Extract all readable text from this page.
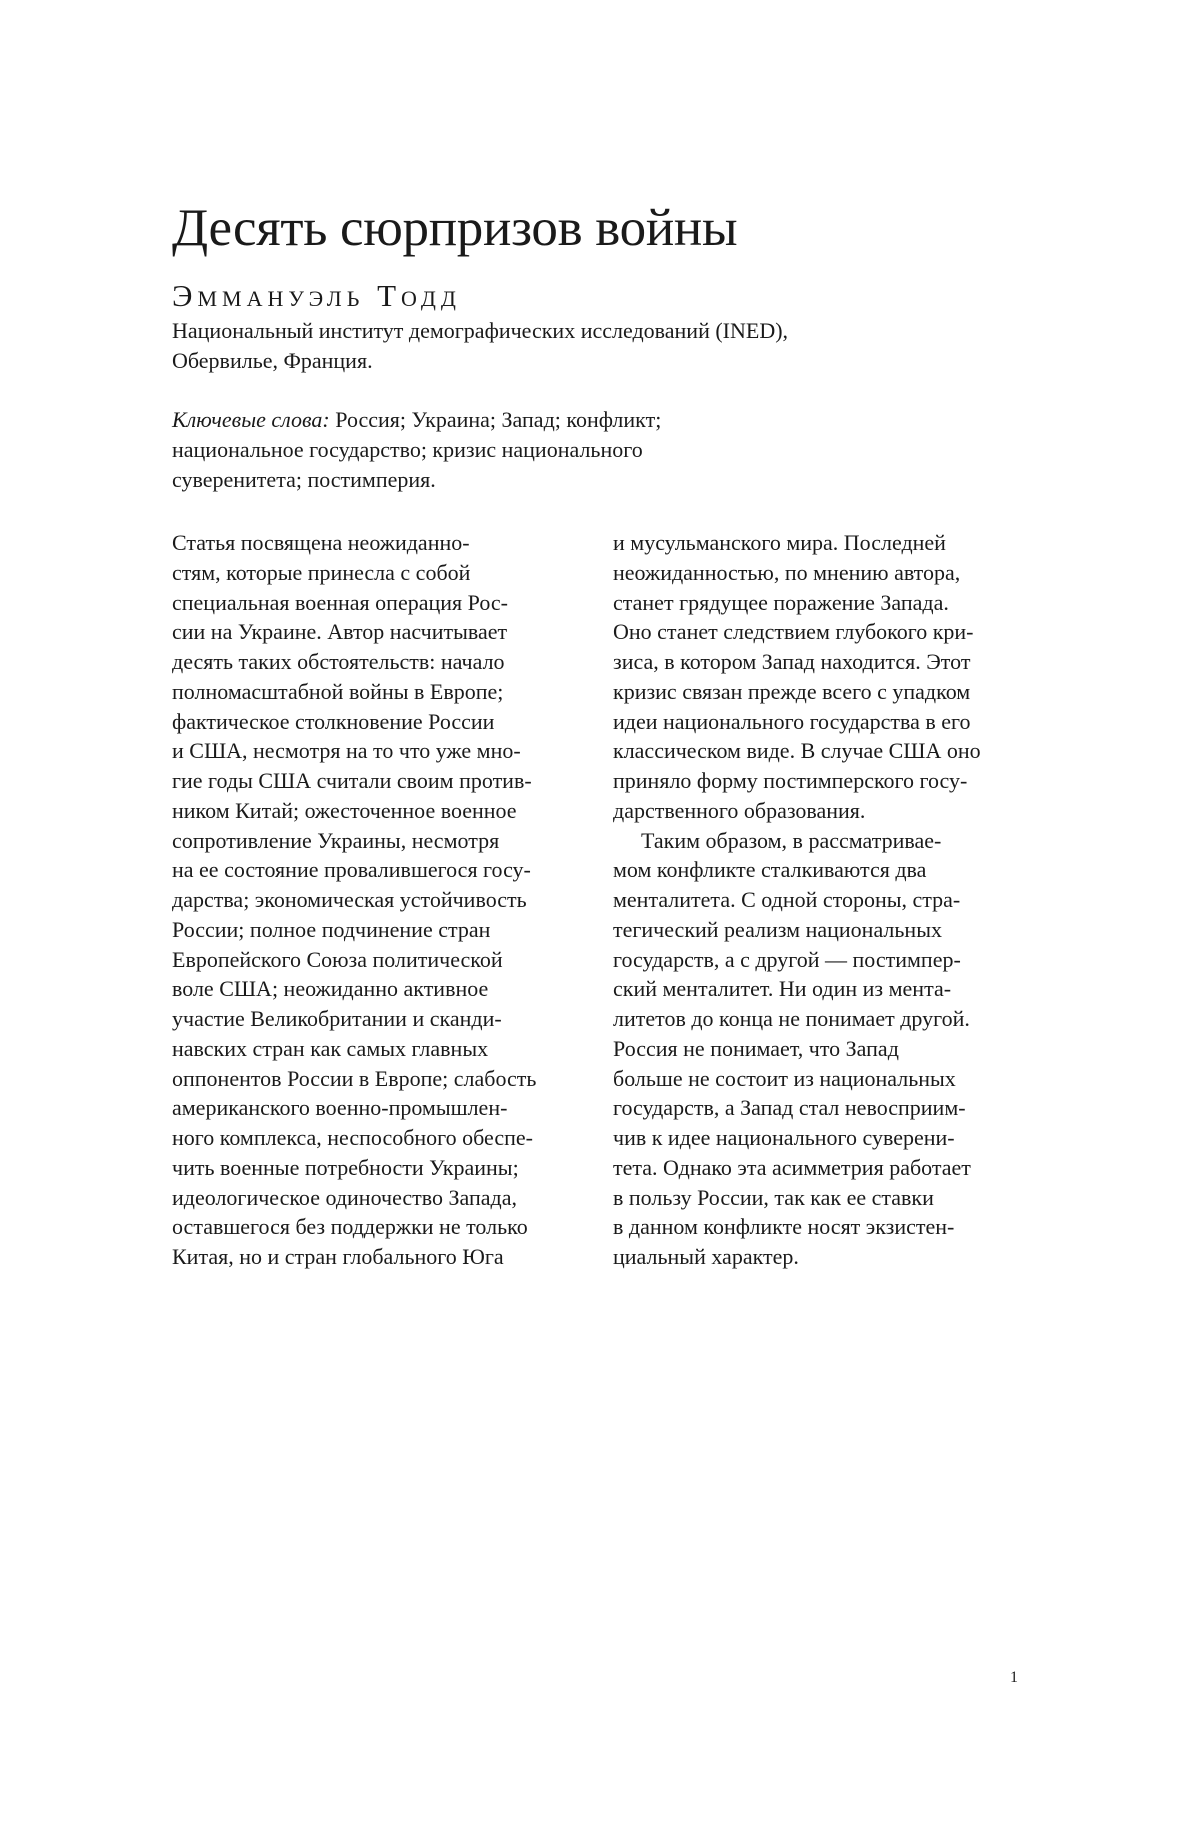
Десять сюрпризов войны
Эммануэль Тодд
Национальный институт демографических исследований (INED),
Обервилье, Франция.
Ключевые слова: Россия; Украина; Запад; конфликт;
национальное государство; кризис национального
суверенитета; постимперия.
Статья посвящена неожиданно-
стям, которые принесла с собой
специальная военная операция Рос-
сии на Украине. Автор насчитывает
десять таких обстоятельств: начало
полномасштабной войны в Европе;
фактическое столкновение России
и США, несмотря на то что уже мно-
гие годы США считали своим против-
ником Китай; ожесточенное военное
сопротивление Украины, несмотря
на ее состояние провалившегося госу-
дарства; экономическая устойчивость
России; полное подчинение стран
Европейского Союза политической
воле США; неожиданно активное
участие Великобритании и сканди-
навских стран как самых главных
оппонентов России в Европе; слабость
американского военно-промышлен-
ного комплекса, неспособного обеспе-
чить военные потребности Украины;
идеологическое одиночество Запада,
оставшегося без поддержки не только
Китая, но и стран глобального Юга
и мусульманского мира. Последней
неожиданностью, по мнению автора,
станет грядущее поражение Запада.
Оно станет следствием глубокого кри-
зиса, в котором Запад находится. Этот
кризис связан прежде всего с упадком
идеи национального государства в его
классическом виде. В случае США оно
приняло форму постимперского госу-
дарственного образования.
Таким образом, в рассматривае-
мом конфликте сталкиваются два
менталитета. С одной стороны, стра-
тегический реализм национальных
государств, а с другой — постимпер-
ский менталитет. Ни один из мента-
литетов до конца не понимает другой.
Россия не понимает, что Запад
больше не состоит из национальных
государств, а Запад стал невосприим-
чив к идее национального суверени-
тета. Однако эта асимметрия работает
в пользу России, так как ее ставки
в данном конфликте носят экзистен-
циальный характер.
1
